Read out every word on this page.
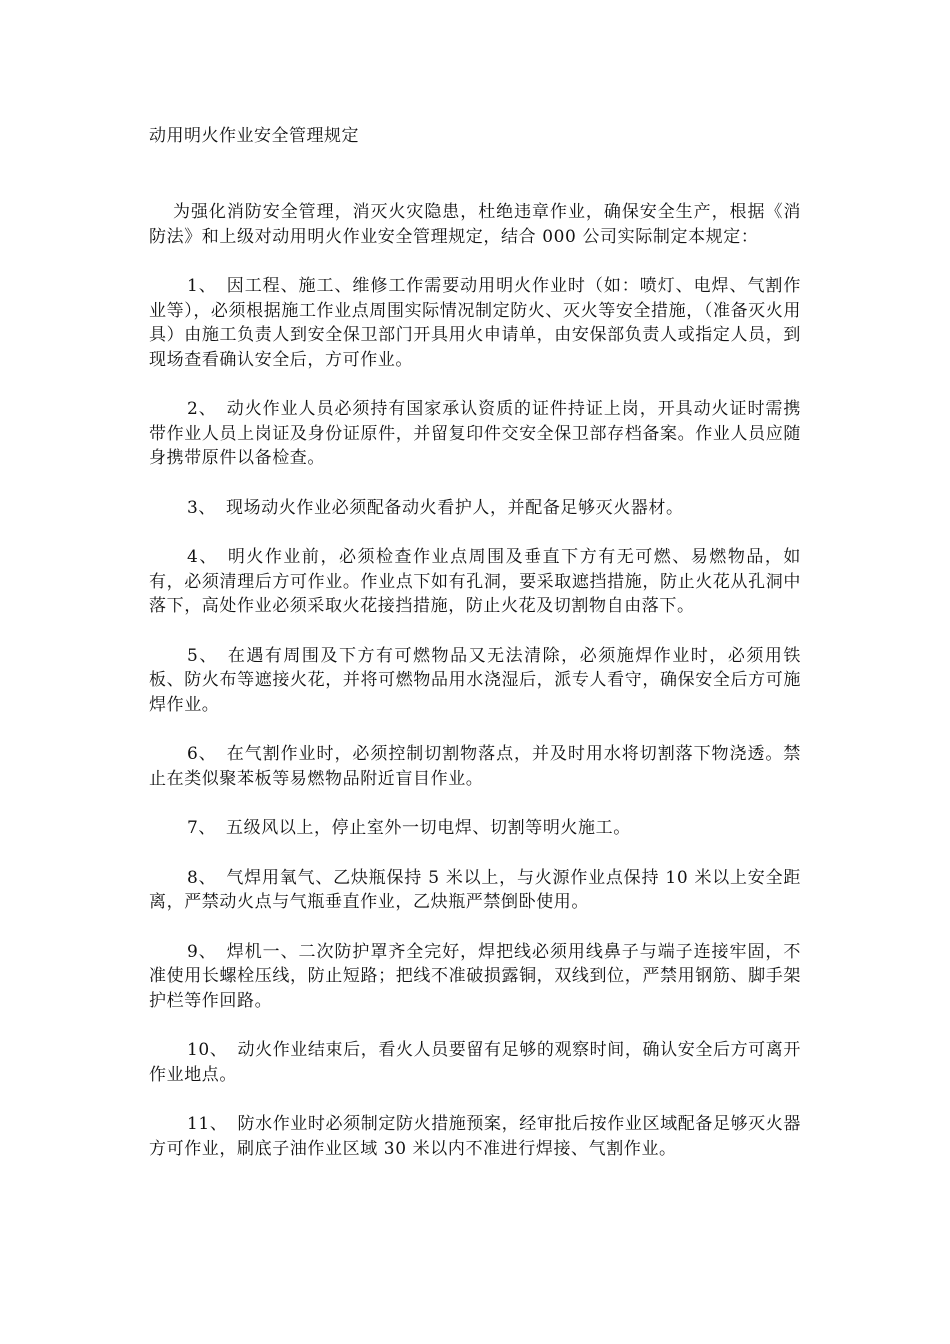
动用明火作业安全管理规定

为强化消防安全管理，消灭火灾隐患，杜绝违章作业，确保安全生产，根据《消防法》和上级对动用明火作业安全管理规定，结合 000 公司实际制定本规定：

1、 因工程、施工、维修工作需要动用明火作业时（如：喷灯、电焊、气割作业等），必须根据施工作业点周围实际情况制定防火、灭火等安全措施，（准备灭火用具）由施工负责人到安全保卫部门开具用火申请单，由安保部负责人或指定人员，到现场查看确认安全后，方可作业。

2、 动火作业人员必须持有国家承认资质的证件持证上岗，开具动火证时需携带作业人员上岗证及身份证原件，并留复印件交安全保卫部存档备案。作业人员应随身携带原件以备检查。

3、 现场动火作业必须配备动火看护人，并配备足够灭火器材。

4、 明火作业前，必须检查作业点周围及垂直下方有无可燃、易燃物品，如有，必须清理后方可作业。作业点下如有孔洞，要采取遮挡措施，防止火花从孔洞中落下，高处作业必须采取火花接挡措施，防止火花及切割物自由落下。

5、 在遇有周围及下方有可燃物品又无法清除，必须施焊作业时，必须用铁板、防火布等遮接火花，并将可燃物品用水浇湿后，派专人看守，确保安全后方可施焊作业。

6、 在气割作业时，必须控制切割物落点，并及时用水将切割落下物浇透。禁止在类似聚苯板等易燃物品附近盲目作业。

7、 五级风以上，停止室外一切电焊、切割等明火施工。

8、 气焊用氧气、乙炔瓶保持 5 米以上，与火源作业点保持 10 米以上安全距离，严禁动火点与气瓶垂直作业，乙炔瓶严禁倒卧使用。

9、 焊机一、二次防护罩齐全完好，焊把线必须用线鼻子与端子连接牢固，不准使用长螺栓压线，防止短路；把线不准破损露铜，双线到位，严禁用钢筋、脚手架护栏等作回路。

10、 动火作业结束后，看火人员要留有足够的观察时间，确认安全后方可离开作业地点。

11、 防水作业时必须制定防火措施预案，经审批后按作业区域配备足够灭火器方可作业，刷底子油作业区域 30 米以内不准进行焊接、气割作业。
